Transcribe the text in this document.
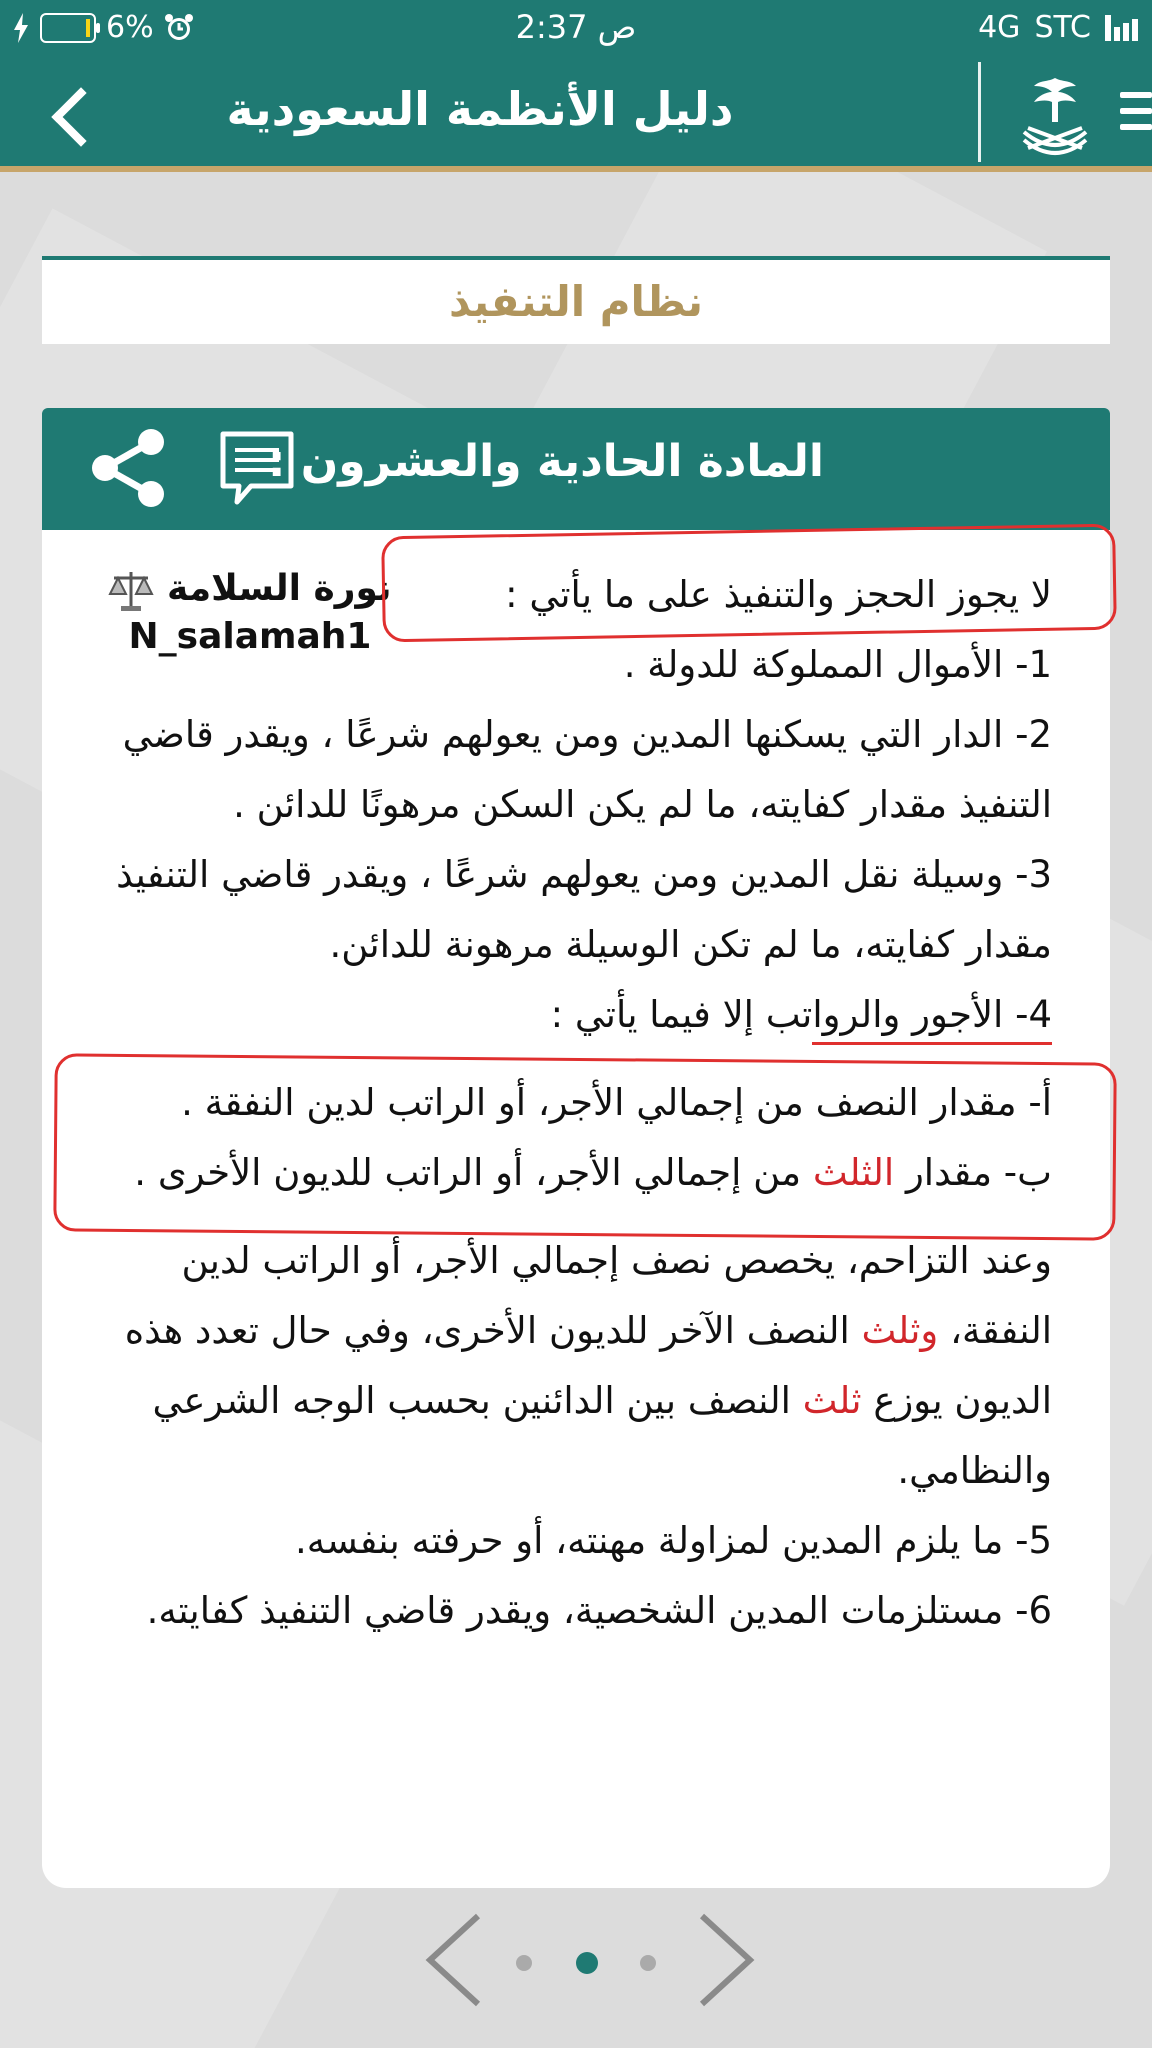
6%	2:37 ص	4G STC
دليل الأنظمة السعودية
نظام التنفيذ
المادة الحادية والعشرون :
نورة السلامة
N_salamah1
لا يجوز الحجز والتنفيذ على ما يأتي :
1- الأموال المملوكة للدولة .
2- الدار التي يسكنها المدين ومن يعولهم شرعًا ، ويقدر قاضي
التنفيذ مقدار كفايته، ما لم يكن السكن مرهونًا للدائن .
3- وسيلة نقل المدين ومن يعولهم شرعًا ، ويقدر قاضي التنفيذ
مقدار كفايته، ما لم تكن الوسيلة مرهونة للدائن.
4- الأجور والرواتب إلا فيما يأتي :
أ- مقدار النصف من إجمالي الأجر، أو الراتب لدين النفقة .
ب- مقدار الثلث من إجمالي الأجر، أو الراتب للديون الأخرى .
وعند التزاحم، يخصص نصف إجمالي الأجر، أو الراتب لدين
النفقة، وثلث النصف الآخر للديون الأخرى، وفي حال تعدد هذه
الديون يوزع ثلث النصف بين الدائنين بحسب الوجه الشرعي
والنظامي.
5- ما يلزم المدين لمزاولة مهنته، أو حرفته بنفسه.
6- مستلزمات المدين الشخصية، ويقدر قاضي التنفيذ كفايته.
